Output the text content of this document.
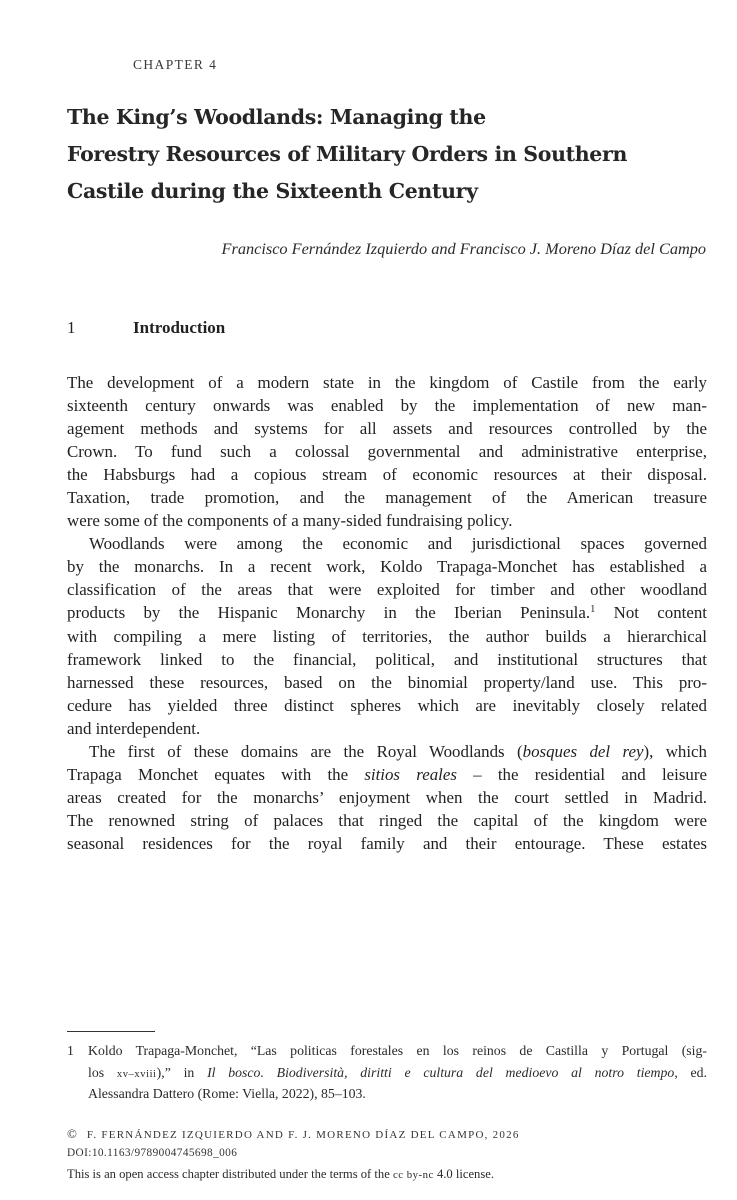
CHAPTER 4
The King’s Woodlands: Managing the
Forestry Resources of Military Orders in Southern
Castile during the Sixteenth Century
Francisco Fernández Izquierdo and Francisco J. Moreno Díaz del Campo
1	Introduction
The development of a modern state in the kingdom of Castile from the early
sixteenth century onwards was enabled by the implementation of new man-
agement methods and systems for all assets and resources controlled by the
Crown. To fund such a colossal governmental and administrative enterprise,
the Habsburgs had a copious stream of economic resources at their disposal.
Taxation, trade promotion, and the management of the American treasure
were some of the components of a many-sided fundraising policy.
Woodlands were among the economic and jurisdictional spaces governed
by the monarchs. In a recent work, Koldo Trapaga-Monchet has established a
classification of the areas that were exploited for timber and other woodland
products by the Hispanic Monarchy in the Iberian Peninsula.$^1$ Not content
with compiling a mere listing of territories, the author builds a hierarchical
framework linked to the financial, political, and institutional structures that
harnessed these resources, based on the binomial property/land use. This pro-
cedure has yielded three distinct spheres which are inevitably closely related
and interdependent.
The first of these domains are the Royal Woodlands (bosques del rey), which
Trapaga Monchet equates with the sitios reales – the residential and leisure
areas created for the monarchs’ enjoyment when the court settled in Madrid.
The renowned string of palaces that ringed the capital of the kingdom were
seasonal residences for the royal family and their entourage. These estates
1 Koldo Trapaga-Monchet, “Las politicas forestales en los reinos de Castilla y Portugal (sig-
los xv–xviii),” in Il bosco. Biodiversità, diritti e cultura del medioevo al notro tiempo, ed.
Alessandra Dattero (Rome: Viella, 2022), 85–103.
© F. FERNÁNDEZ IZQUIERDO AND F. J. MORENO DÍAZ DEL CAMPO, 2026
DOI:10.1163/9789004745698_006
This is an open access chapter distributed under the terms of the cc by-nc 4.0 license.
